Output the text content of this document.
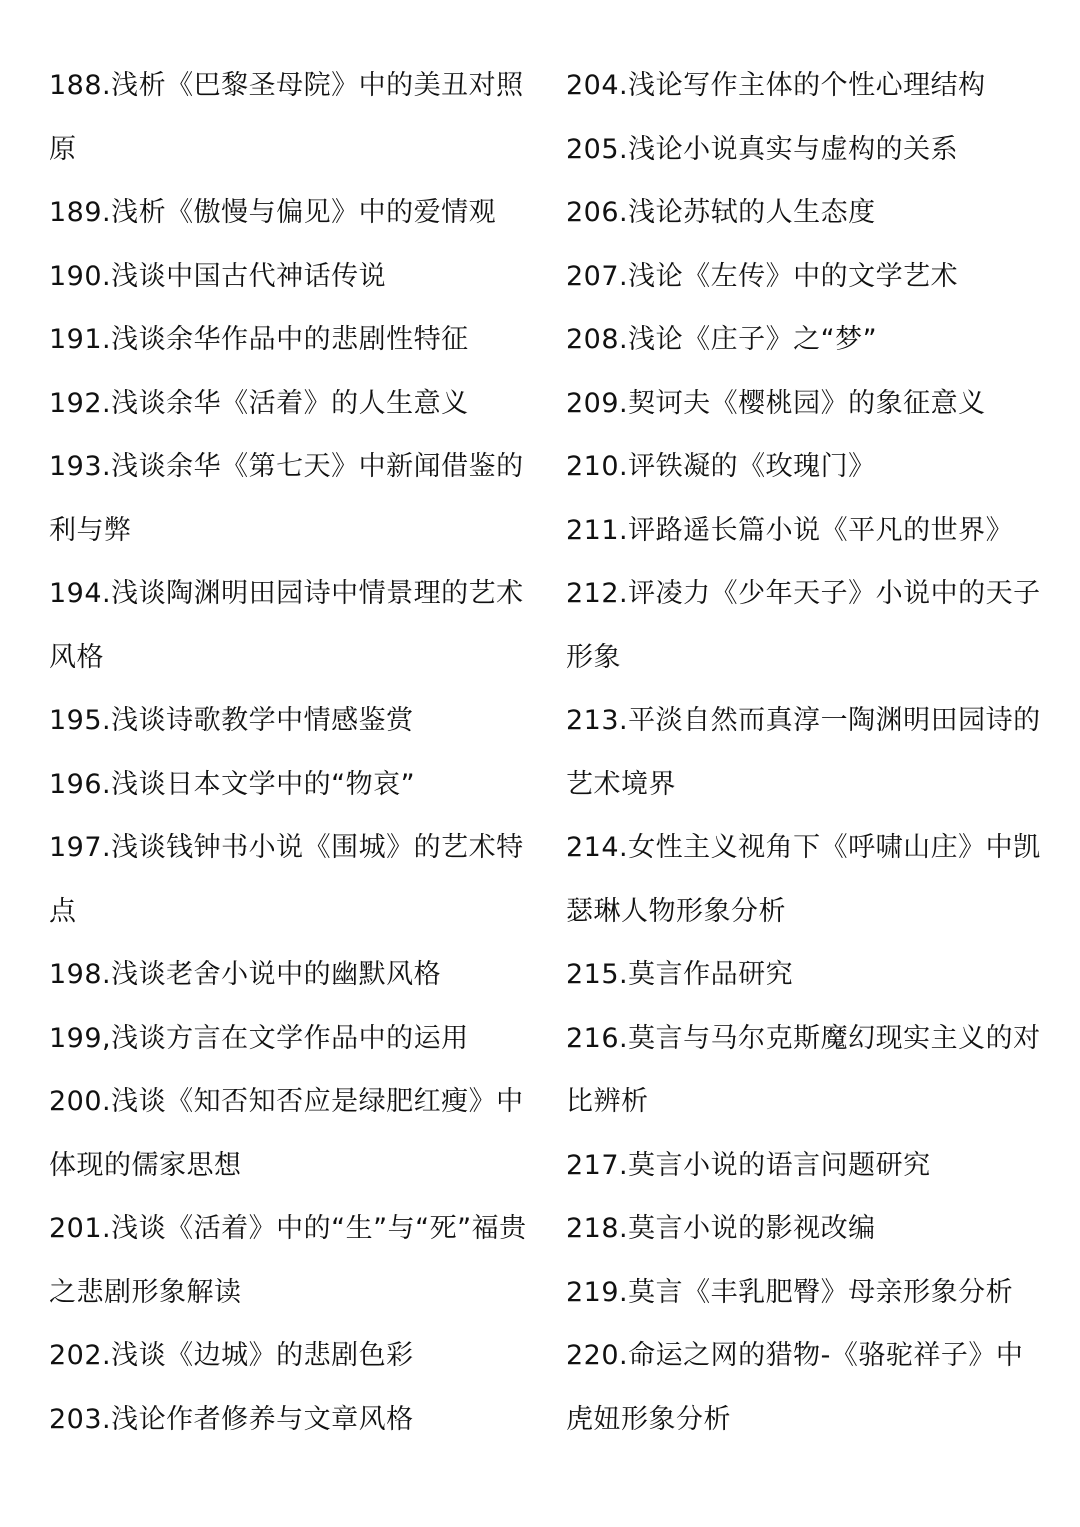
188.浅析《巴黎圣母院》中的美丑对照原

189.浅析《傲慢与偏见》中的爱情观

190.浅谈中国古代神话传说

191.浅谈余华作品中的悲剧性特征

192.浅谈余华《活着》的人生意义

193.浅谈余华《第七天》中新闻借鉴的利与弊

194.浅谈陶渊明田园诗中情景理的艺术风格

195.浅谈诗歌教学中情感鉴赏

196.浅谈日本文学中的“物哀”

197.浅谈钱钟书小说《围城》的艺术特点

198.浅谈老舍小说中的幽默风格

199,浅谈方言在文学作品中的运用

200.浅谈《知否知否应是绿肥红瘦》中体现的儒家思想

201.浅谈《活着》中的“生”与“死”福贵之悲剧形象解读

202.浅谈《边城》的悲剧色彩

203.浅论作者修养与文章风格

204.浅论写作主体的个性心理结构

205.浅论小说真实与虚构的关系

206.浅论苏轼的人生态度

207.浅论《左传》中的文学艺术

208.浅论《庄子》之“梦”

209.契诃夫《樱桃园》的象征意义

210.评铁凝的《玫瑰门》

211.评路遥长篇小说《平凡的世界》

212.评凌力《少年天子》小说中的天子形象

213.平淡自然而真淳一陶渊明田园诗的艺术境界

214.女性主义视角下《呼啸山庄》中凯瑟琳人物形象分析

215.莫言作品研究

216.莫言与马尔克斯魔幻现实主义的对比辨析

217.莫言小说的语言问题研究

218.莫言小说的影视改编

219.莫言《丰乳肥臀》母亲形象分析

220.命运之网的猎物-《骆驼祥子》中虎妞形象分析
